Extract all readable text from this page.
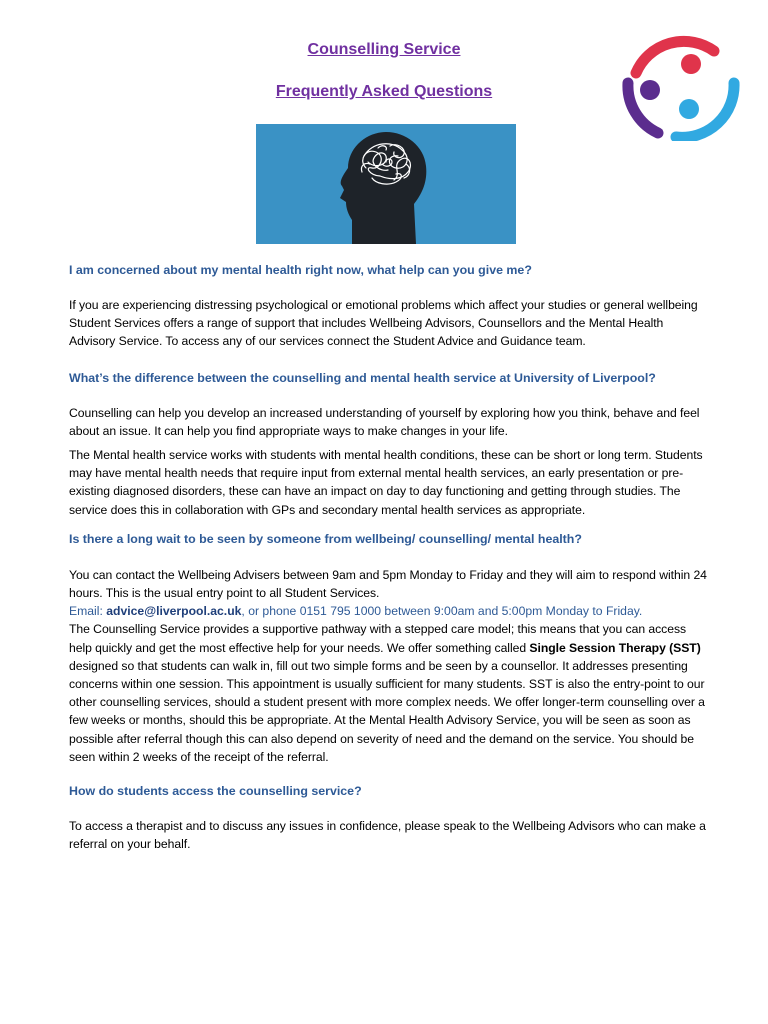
Counselling Service
Frequently Asked Questions

I am concerned about my mental health right now, what help can you give me?

If you are experiencing distressing psychological or emotional problems which affect your studies or general wellbeing Student Services offers a range of support that includes Wellbeing Advisors, Counsellors and the Mental Health Advisory Service. To access any of our services connect the Student Advice and Guidance team.

What’s the difference between the counselling and mental health service at University of Liverpool?

Counselling can help you develop an increased understanding of yourself by exploring how you think, behave and feel about an issue. It can help you find appropriate ways to make changes in your life.

The Mental health service works with students with mental health conditions, these can be short or long term. Students may have mental health needs that require input from external mental health services, an early presentation or pre-existing diagnosed disorders, these can have an impact on day to day functioning and getting through studies. The service does this in collaboration with GPs and secondary mental health services as appropriate.

Is there a long wait to be seen by someone from wellbeing/ counselling/ mental health?

You can contact the Wellbeing Advisers between 9am and 5pm Monday to Friday and they will aim to respond within 24 hours. This is the usual entry point to all Student Services.

Email: advice@liverpool.ac.uk, or phone 0151 795 1000 between 9:00am and 5:00pm Monday to Friday.

The Counselling Service provides a supportive pathway with a stepped care model; this means that you can access help quickly and get the most effective help for your needs. We offer something called Single Session Therapy (SST) designed so that students can walk in, fill out two simple forms and be seen by a counsellor. It addresses presenting concerns within one session. This appointment is usually sufficient for many students. SST is also the entry-point to our other counselling services, should a student present with more complex needs. We offer longer-term counselling over a few weeks or months, should this be appropriate. At the Mental Health Advisory Service, you will be seen as soon as possible after referral though this can also depend on severity of need and the demand on the service. You should be seen within 2 weeks of the receipt of the referral.

How do students access the counselling service?

To access a therapist and to discuss any issues in confidence, please speak to the Wellbeing Advisors who can make a referral on your behalf.
